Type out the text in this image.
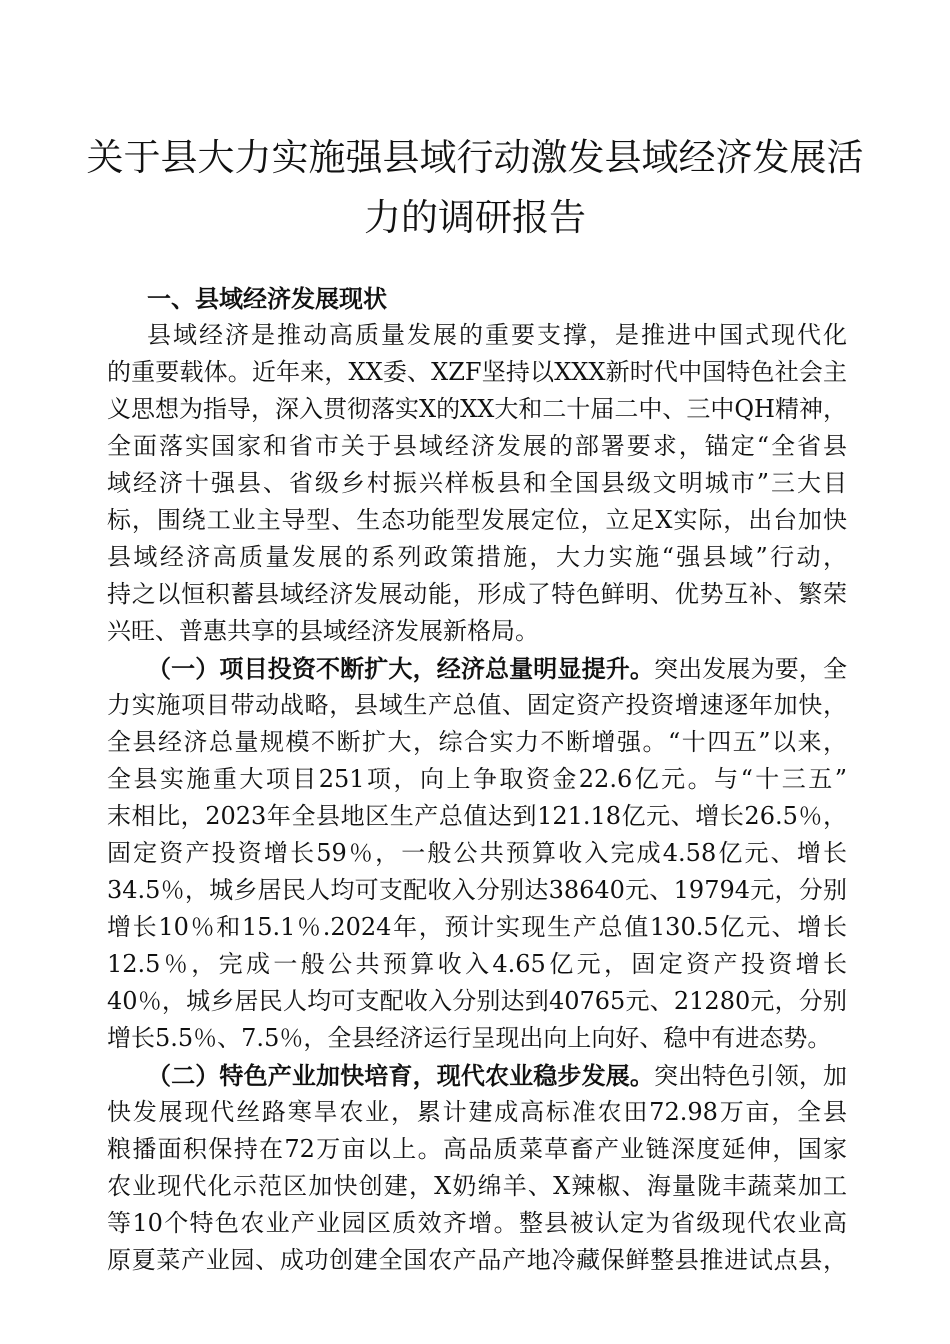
关于县大力实施强县域行动激发县域经济发展活
力的调研报告
一、县域经济发展现状
县域经济是推动高质量发展的重要支撑，是推进中国式现代化
的重要载体。近年来，XX委、XZF坚持以XXX新时代中国特色社会主
义思想为指导，深入贯彻落实X的XX大和二十届二中、三中QH精神，
全面落实国家和省市关于县域经济发展的部署要求，锚定“全省县
域经济十强县、省级乡村振兴样板县和全国县级文明城市”三大目
标，围绕工业主导型、生态功能型发展定位，立足X实际，出台加快
县域经济高质量发展的系列政策措施，大力实施“强县域”行动，
持之以恒积蓄县域经济发展动能，形成了特色鲜明、优势互补、繁荣
兴旺、普惠共享的县域经济发展新格局。
（一）项目投资不断扩大，经济总量明显提升。突出发展为要，全
力实施项目带动战略，县域生产总值、固定资产投资增速逐年加快，
全县经济总量规模不断扩大，综合实力不断增强。“十四五”以来，
全县实施重大项目251项，向上争取资金22.6亿元。与“十三五”
末相比，2023年全县地区生产总值达到121.18亿元、增长26.5％，
固定资产投资增长59％，一般公共预算收入完成4.58亿元、增长
34.5％，城乡居民人均可支配收入分别达38640元、19794元，分别
增长10％和15.1％.2024年，预计实现生产总值130.5亿元、增长
12.5％，完成一般公共预算收入4.65亿元，固定资产投资增长
40％，城乡居民人均可支配收入分别达到40765元、21280元，分别
增长5.5％、7.5％，全县经济运行呈现出向上向好、稳中有进态势。
（二）特色产业加快培育，现代农业稳步发展。突出特色引领，加
快发展现代丝路寒旱农业，累计建成高标准农田72.98万亩，全县
粮播面积保持在72万亩以上。高品质菜草畜产业链深度延伸，国家
农业现代化示范区加快创建，X奶绵羊、X辣椒、海量陇丰蔬菜加工
等10个特色农业产业园区质效齐增。整县被认定为省级现代农业高
原夏菜产业园、成功创建全国农产品产地冷藏保鲜整县推进试点县，
